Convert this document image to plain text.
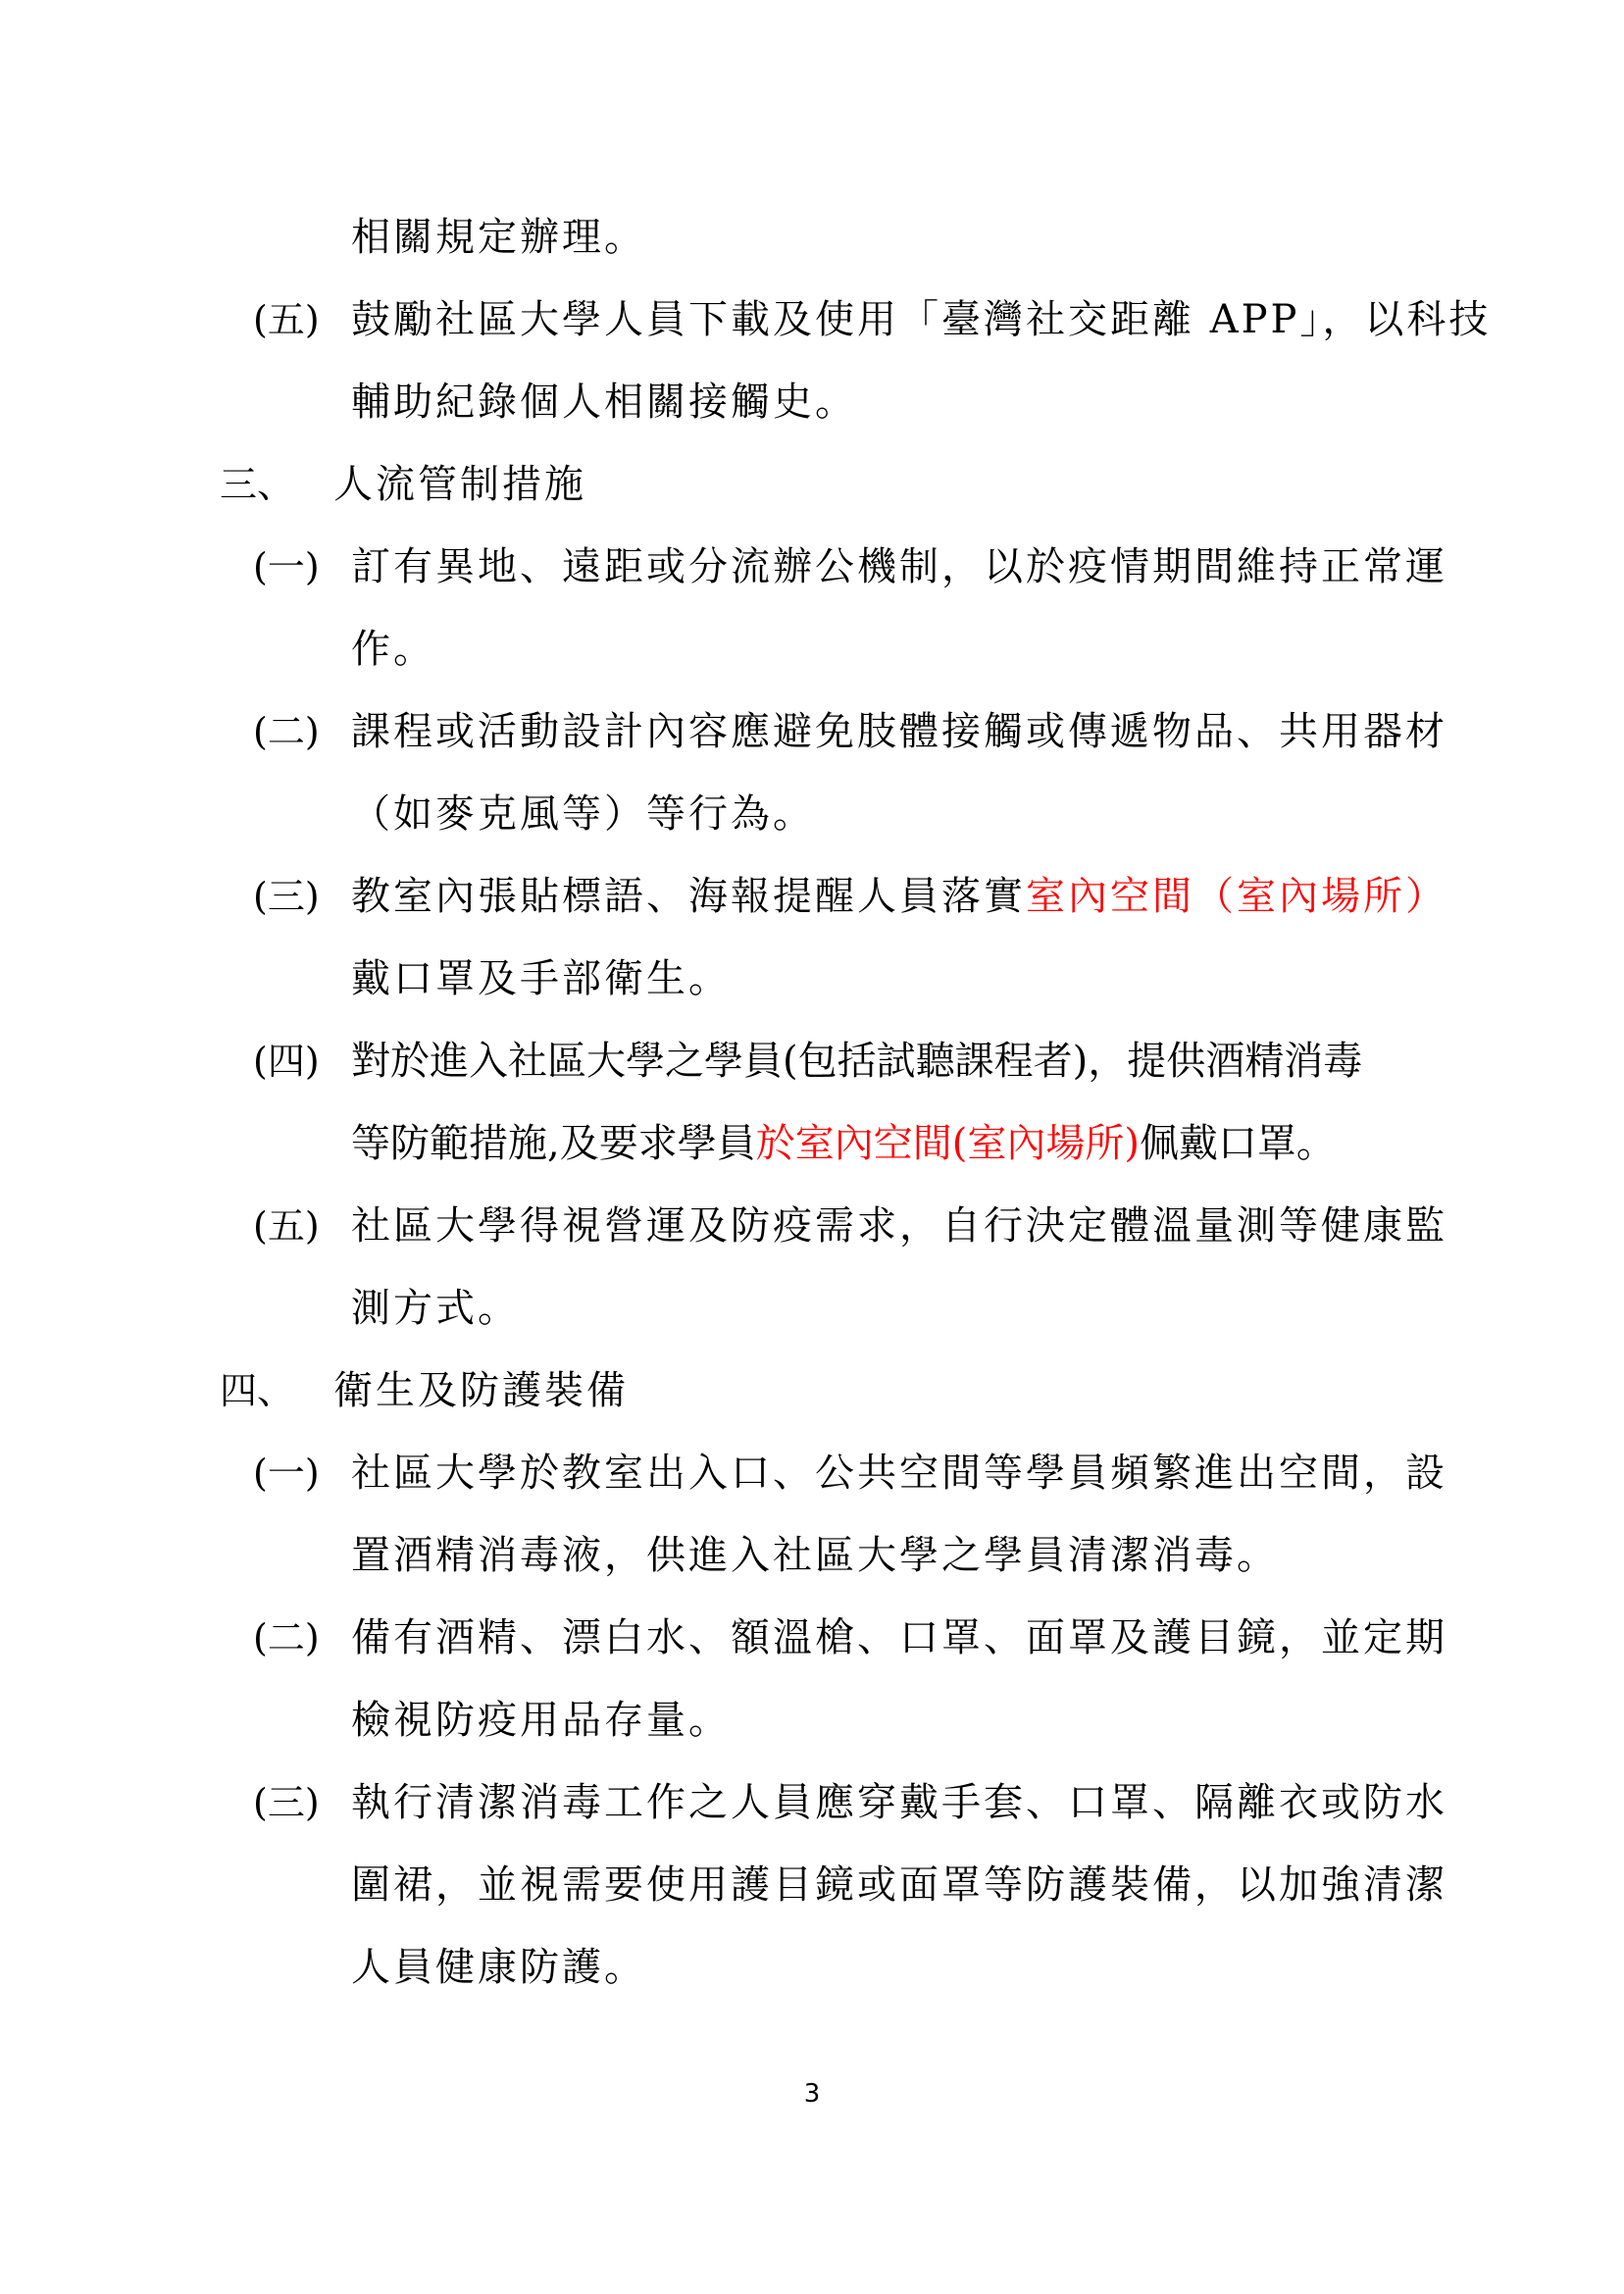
相關規定辦理。
(五) 鼓勵社區大學人員下載及使用「臺灣社交距離 APP」，以科技
輔助紀錄個人相關接觸史。
三、 人流管制措施
(一) 訂有異地、遠距或分流辦公機制，以於疫情期間維持正常運
作。
(二) 課程或活動設計內容應避免肢體接觸或傳遞物品、共用器材
（如麥克風等）等行為。
(三) 教室內張貼標語、海報提醒人員落實室內空間（室內場所）
戴口罩及手部衛生。
(四) 對於進入社區大學之學員(包括試聽課程者)，提供酒精消毒
等防範措施,及要求學員於室內空間(室內場所)佩戴口罩。
(五) 社區大學得視營運及防疫需求，自行決定體溫量測等健康監
測方式。
四、 衛生及防護裝備
(一) 社區大學於教室出入口、公共空間等學員頻繁進出空間，設
置酒精消毒液，供進入社區大學之學員清潔消毒。
(二) 備有酒精、漂白水、額溫槍、口罩、面罩及護目鏡，並定期
檢視防疫用品存量。
(三) 執行清潔消毒工作之人員應穿戴手套、口罩、隔離衣或防水
圍裙，並視需要使用護目鏡或面罩等防護裝備，以加強清潔
人員健康防護。
3
